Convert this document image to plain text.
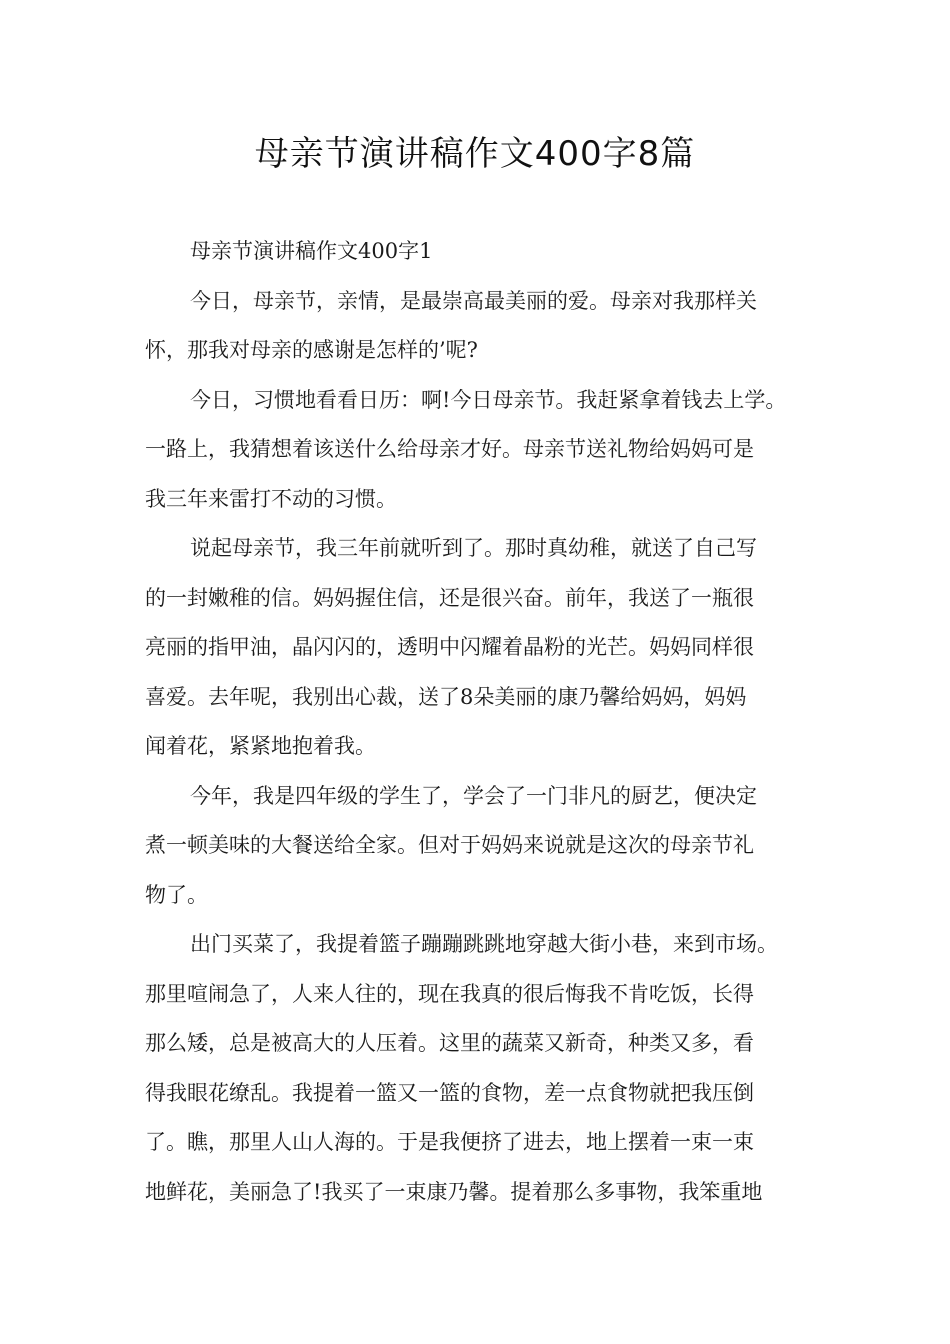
母亲节演讲稿作文400字8篇

母亲节演讲稿作文400字1

今日，母亲节，亲情，是最崇高最美丽的爱。母亲对我那样关
怀，那我对母亲的感谢是怎样的’呢?

今日，习惯地看看日历：啊!今日母亲节。我赶紧拿着钱去上学。
一路上，我猜想着该送什么给母亲才好。母亲节送礼物给妈妈可是
我三年来雷打不动的习惯。

说起母亲节，我三年前就听到了。那时真幼稚，就送了自己写
的一封嫩稚的信。妈妈握住信，还是很兴奋。前年，我送了一瓶很
亮丽的指甲油，晶闪闪的，透明中闪耀着晶粉的光芒。妈妈同样很
喜爱。去年呢，我别出心裁，送了8朵美丽的康乃馨给妈妈，妈妈
闻着花，紧紧地抱着我。

今年，我是四年级的学生了，学会了一门非凡的厨艺，便决定
煮一顿美味的大餐送给全家。但对于妈妈来说就是这次的母亲节礼
物了。

出门买菜了，我提着篮子蹦蹦跳跳地穿越大街小巷，来到市场。
那里喧闹急了，人来人往的，现在我真的很后悔我不肯吃饭，长得
那么矮，总是被高大的人压着。这里的蔬菜又新奇，种类又多，看
得我眼花缭乱。我提着一篮又一篮的食物，差一点食物就把我压倒
了。瞧，那里人山人海的。于是我便挤了进去，地上摆着一束一束
地鲜花，美丽急了!我买了一束康乃馨。提着那么多事物，我笨重地
